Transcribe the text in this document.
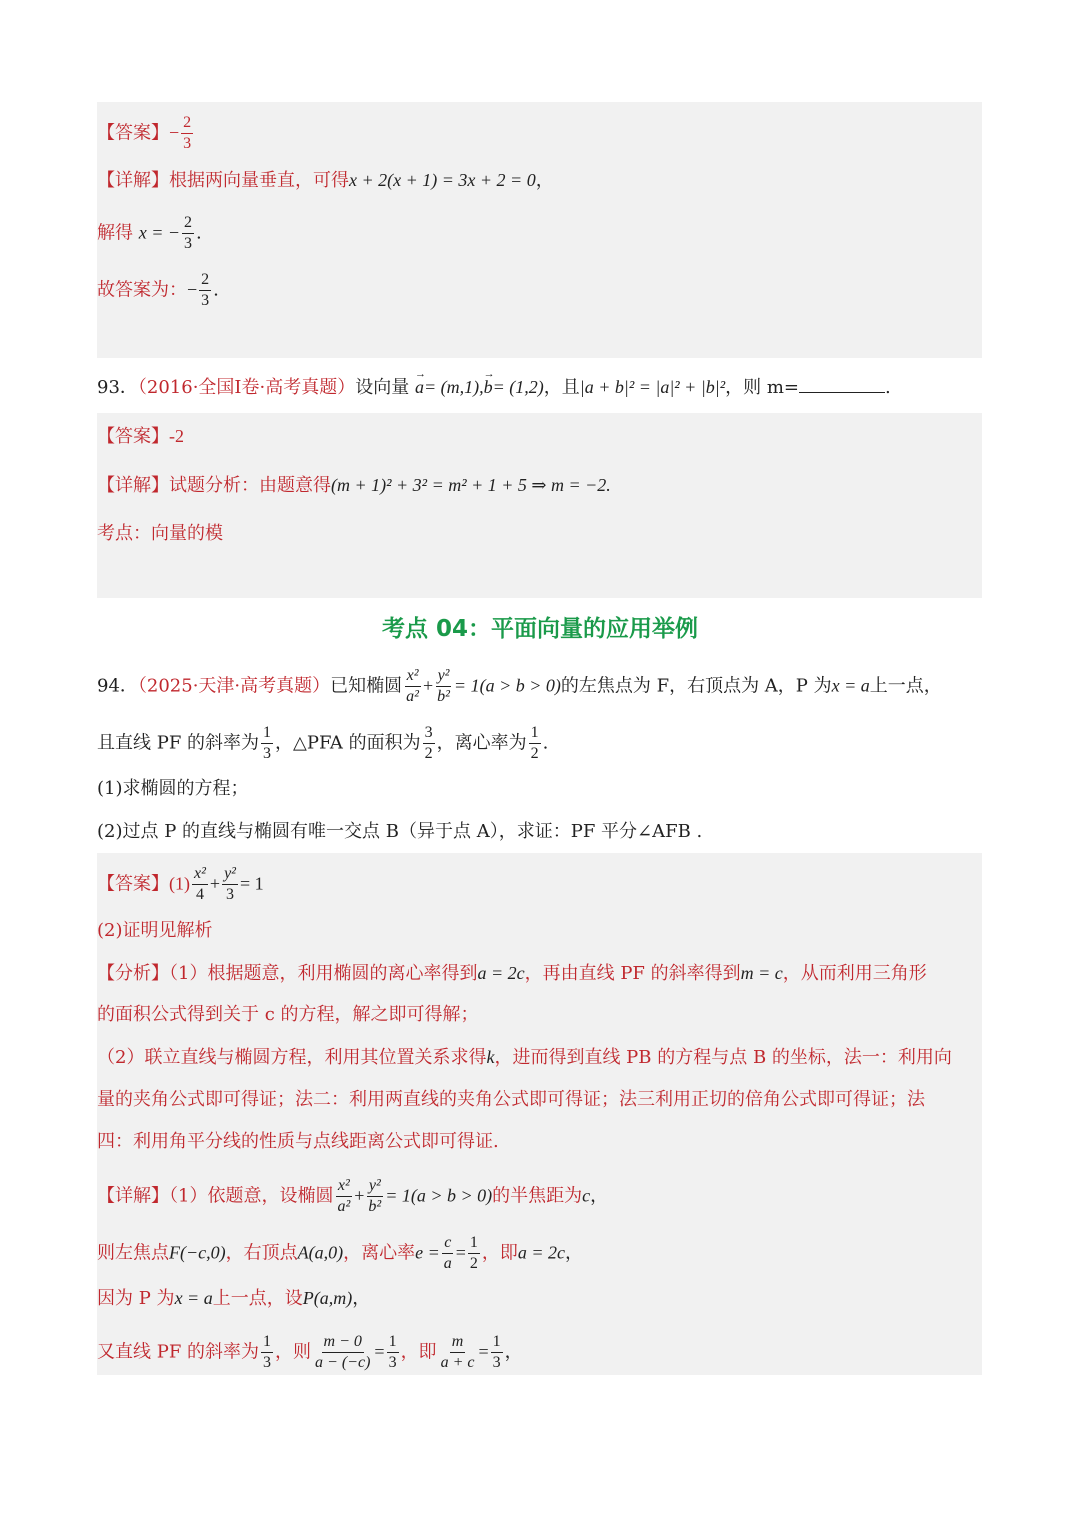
【答案】− $\frac{2}{3}$
【详解】根据两向量垂直，可得x + 2(x + 1) = 3x + 2 = 0，
解得 x = − $\frac{2}{3}$ .
故答案为：− $\frac{2}{3}$ .
93．（2016·全国Ⅰ卷·高考真题）设向量 → a= (m,1),→ b= (1,2)，且|a + b|² = |a|² + |b|²，则 m=	.
【答案】-2
【详解】试题分析：由题意得(m + 1)² + 3² = m² + 1 + 5 ⇒ m = −2.
考点：向量的模
考点 04：平面向量的应用举例
94．（2025·天津·高考真题）已知椭圆 $\frac{\text{x²}}{\text{a²}} + \frac{\text{y²}}{\text{b²}} = 1(a > b > 0)$的左焦点为 F，右顶点为 A，P 为x = a上一点，
且直线 PF 的斜率为 $\frac{1}{3}$ ，△PFA 的面积为 $\frac{3}{2}$ ，离心率为 $\frac{1}{2}$ .
(1)求椭圆的方程；
(2)过点 P 的直线与椭圆有唯一交点 B（异于点 A），求证：PF 平分∠AFB .
【答案】$(1) \frac{\text{x²}}{4} + \frac{\text{y²}}{3} = 1$
(2)证明见解析
【分析】（1）根据题意，利用椭圆的离心率得到a = 2c，再由直线 PF 的斜率得到m = c，从而利用三角形
的面积公式得到关于 c 的方程，解之即可得解；
（2）联立直线与椭圆方程，利用其位置关系求得k，进而得到直线 PB 的方程与点 B 的坐标，法一：利用向
量的夹角公式即可得证；法二：利用两直线的夹角公式即可得证；法三利用正切的倍角公式即可得证；法
四：利用角平分线的性质与点线距离公式即可得证.
【详解】（1）依题意，设椭圆 $\frac{\text{x²}}{\text{a²}} + \frac{\text{y²}}{\text{b²}} = 1(a > b > 0)$的半焦距为c，
则左焦点F(−c,0)，右顶点A(a,0)，离心率$e = \frac{c}{a} = \frac{1}{2}$ ，即a = 2c，
因为 P 为x = a上一点，设P(a,m)，
又直线 PF 的斜率为 $\frac{1}{3}$ ，则 $\frac{m - 0}{a - (-c)} = \frac{1}{3}$ ，即 $\frac{m}{a + c} = \frac{1}{3}$ ，
